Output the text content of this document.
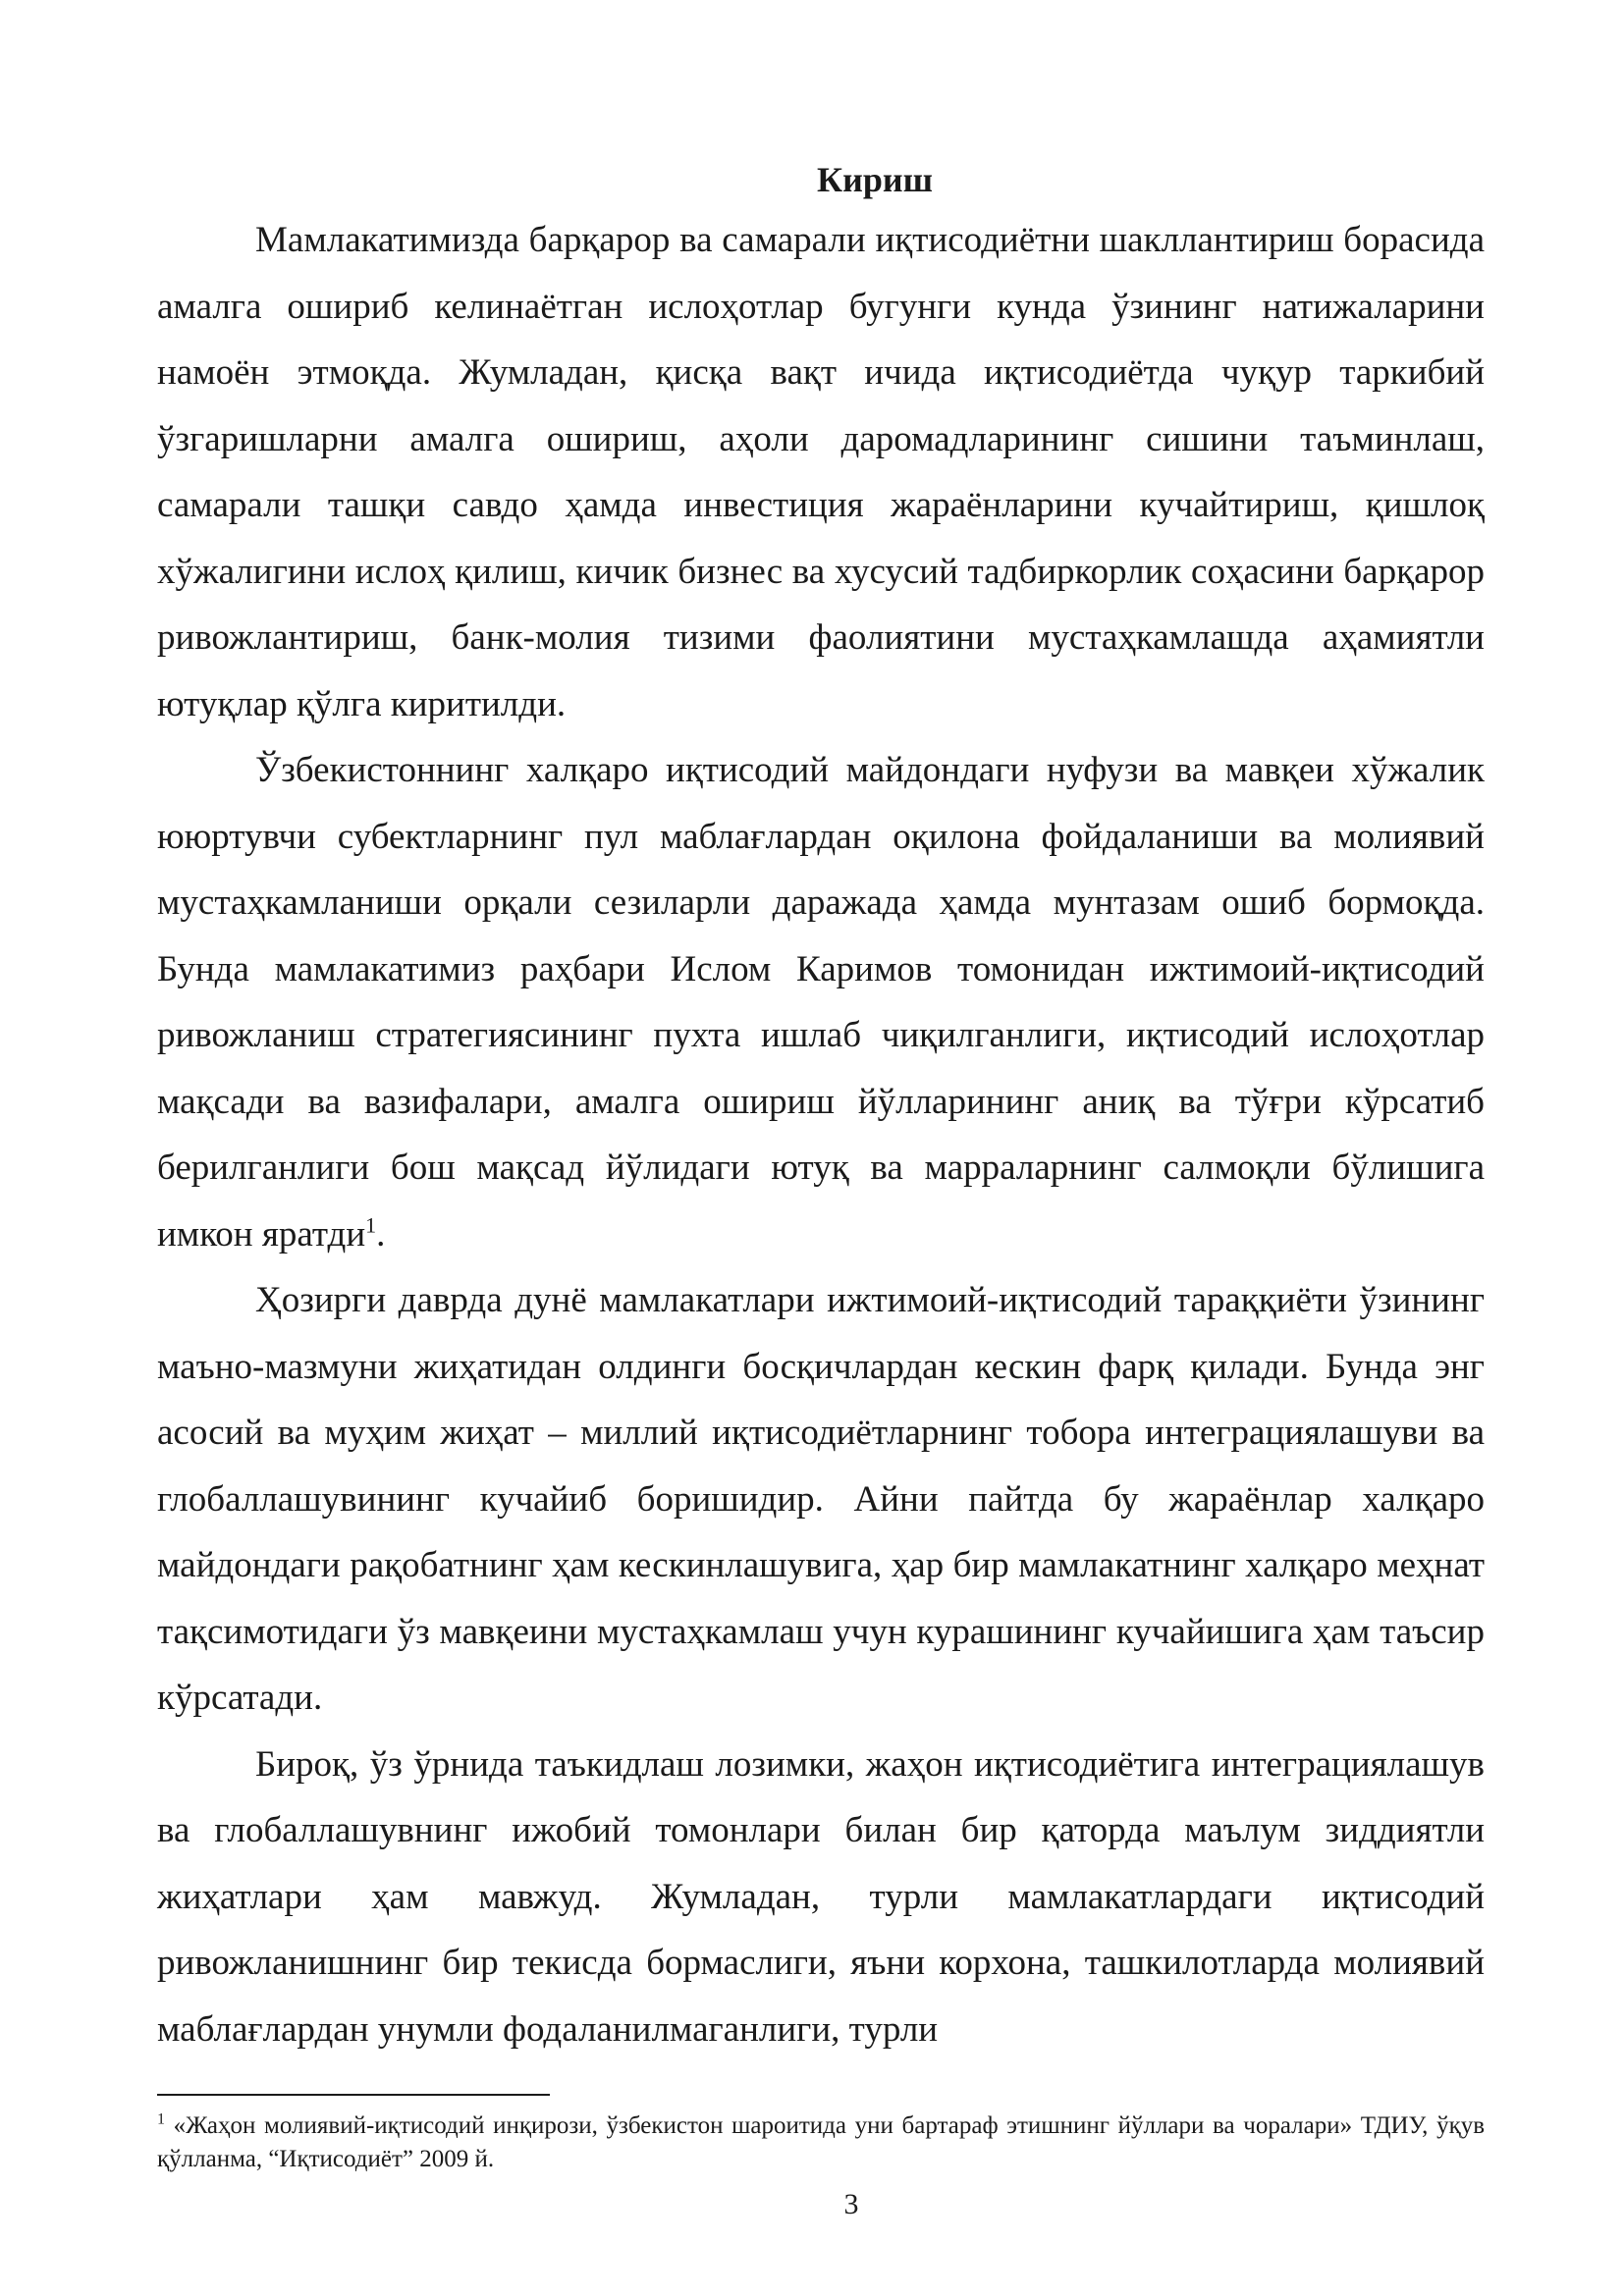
Кириш

Мамлакатимизда барқарор ва самарали иқтисодиётни шакллантириш борасида амалга ошириб келинаётган ислоҳотлар бугунги кунда ўзининг натижаларини намоён этмоқда. Жумладан, қисқа вақт ичида иқтисодиётда чуқур таркибий ўзгаришларни амалга ошириш, аҳоли даромадларининг сишини таъминлаш, самарали ташқи савдо ҳамда инвестиция жараёнларини кучайтириш, қишлоқ хўжалигини ислоҳ қилиш, кичик бизнес ва хусусий тадбиркорлик соҳасини барқарор ривожлантириш, банк-молия тизими фаолиятини мустаҳкамлашда аҳамиятли ютуқлар қўлга киритилди.

Ўзбекистоннинг халқаро иқтисодий майдондаги нуфузи ва мавқеи хўжалик ююртувчи субектларнинг пул маблағлардан оқилона фойдаланиши ва молиявий мустаҳкамланиши орқали сезиларли даражада ҳамда мунтазам ошиб бормоқда. Бунда мамлакатимиз раҳбари Ислом Каримов томонидан ижтимоий-иқтисодий ривожланиш стратегиясининг пухта ишлаб чиқилганлиги, иқтисодий ислоҳотлар мақсади ва вазифалари, амалга ошириш йўлларининг аниқ ва тўғри кўрсатиб берилганлиги бош мақсад йўлидаги ютуқ ва марраларнинг салмоқли бўлишига имкон яратди$^1$.

Ҳозирги даврда дунё мамлакатлари ижтимоий-иқтисодий тараққиёти ўзининг маъно-мазмуни жиҳатидан олдинги босқичлардан кескин фарқ қилади. Бунда энг асосий ва муҳим жиҳат – миллий иқтисодиётларнинг тобора интеграциялашуви ва глобаллашувининг кучайиб боришидир. Айни пайтда бу жараёнлар халқаро майдондаги рақобатнинг ҳам кескинлашувига, ҳар бир мамлакатнинг халқаро меҳнат тақсимотидаги ўз мавқеини мустаҳкамлаш учун курашининг кучайишига ҳам таъсир кўрсатади.

Бироқ, ўз ўрнида таъкидлаш лозимки, жаҳон иқтисодиётига интеграциялашув ва глобаллашувнинг ижобий томонлари билан бир қаторда маълум зиддиятли жиҳатлари ҳам мавжуд. Жумладан, турли мамлакатлардаги иқтисодий ривожланишнинг бир текисда бормаслиги, яъни корхона, ташкилотларда молиявий маблағлардан унумли фодаланилмаганлиги, турли

$^1$ «Жаҳон молиявий-иқтисодий инқирози, ўзбекистон шароитида уни бартараф этишнинг йўллари ва чоралари» ТДИУ, ўқув қўлланма, “Иқтисодиёт” 2009 й.

3
